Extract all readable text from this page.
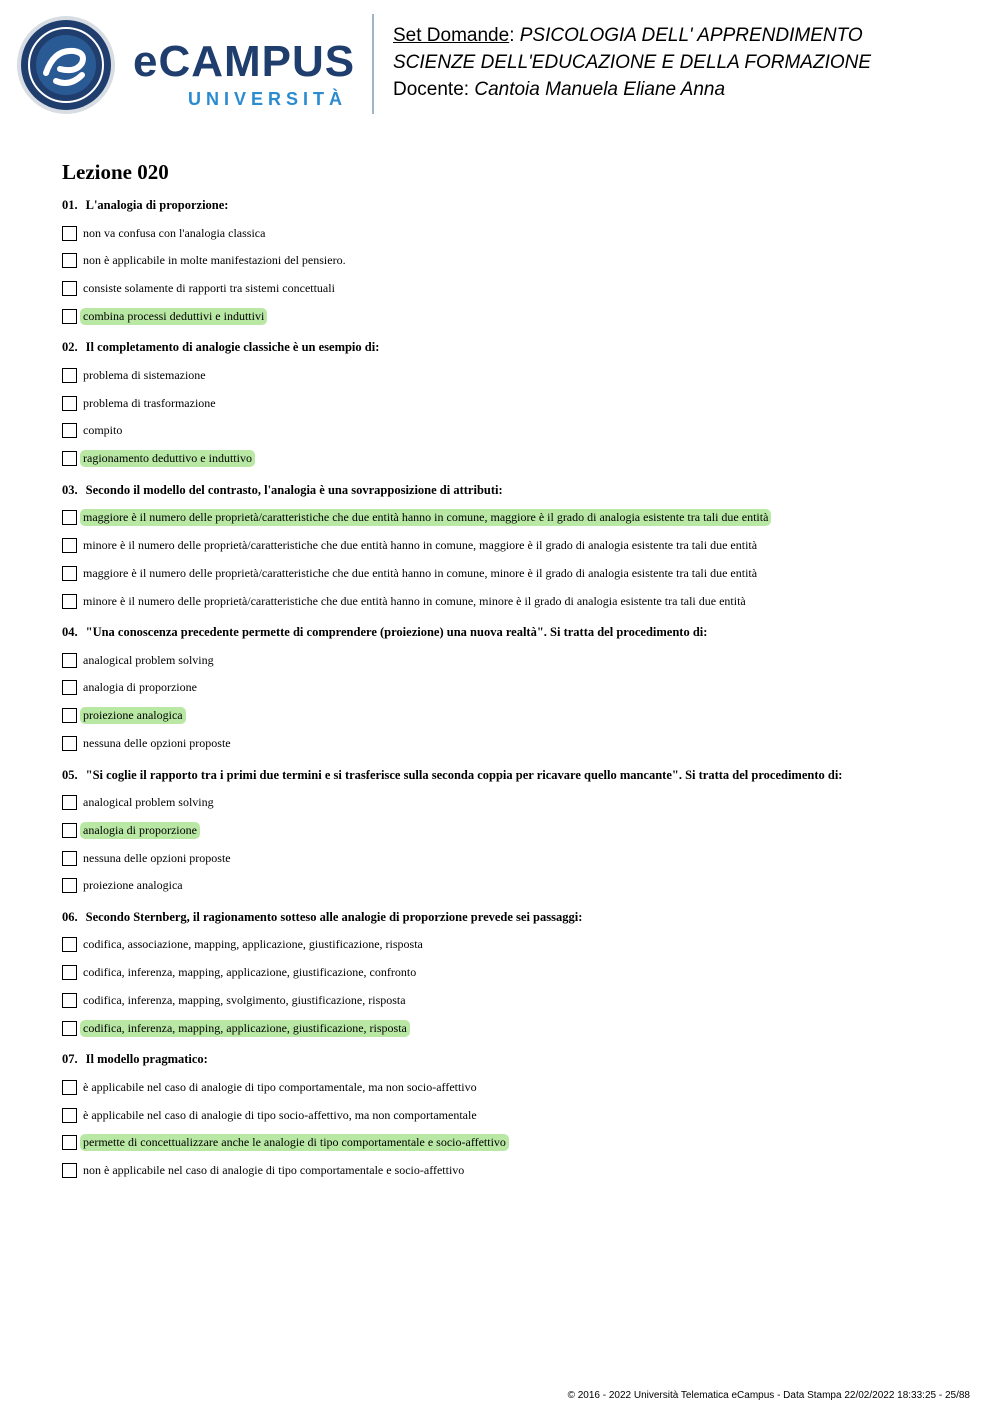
eCAMPUS
UNIVERSITÀ
Set Domande: PSICOLOGIA DELL' APPRENDIMENTO
SCIENZE DELL'EDUCAZIONE E DELLA FORMAZIONE
Docente: Cantoia Manuela Eliane Anna
Lezione 020
01. L'analogia di proporzione:
non va confusa con l'analogia classica
non è applicabile in molte manifestazioni del pensiero.
consiste solamente di rapporti tra sistemi concettuali
combina processi deduttivi e induttivi
02. Il completamento di analogie classiche è un esempio di:
problema di sistemazione
problema di trasformazione
compito
ragionamento deduttivo e induttivo
03. Secondo il modello del contrasto, l'analogia è una sovrapposizione di attributi:
maggiore è il numero delle proprietà/caratteristiche che due entità hanno in comune, maggiore è il grado di analogia esistente tra tali due entità
minore è il numero delle proprietà/caratteristiche che due entità hanno in comune, maggiore è il grado di analogia esistente tra tali due entità
maggiore è il numero delle proprietà/caratteristiche che due entità hanno in comune, minore è il grado di analogia esistente tra tali due entità
minore è il numero delle proprietà/caratteristiche che due entità hanno in comune, minore è il grado di analogia esistente tra tali due entità
04. "Una conoscenza precedente permette di comprendere (proiezione) una nuova realtà". Si tratta del procedimento di:
analogical problem solving
analogia di proporzione
proiezione analogica
nessuna delle opzioni proposte
05. "Si coglie il rapporto tra i primi due termini e si trasferisce sulla seconda coppia per ricavare quello mancante". Si tratta del procedimento di:
analogical problem solving
analogia di proporzione
nessuna delle opzioni proposte
proiezione analogica
06. Secondo Sternberg, il ragionamento sotteso alle analogie di proporzione prevede sei passaggi:
codifica, associazione, mapping, applicazione, giustificazione, risposta
codifica, inferenza, mapping, applicazione, giustificazione, confronto
codifica, inferenza, mapping, svolgimento, giustificazione, risposta
codifica, inferenza, mapping, applicazione, giustificazione, risposta
07. Il modello pragmatico:
è applicabile nel caso di analogie di tipo comportamentale, ma non socio-affettivo
è applicabile nel caso di analogie di tipo socio-affettivo, ma non comportamentale
permette di concettualizzare anche le analogie di tipo comportamentale e socio-affettivo
non è applicabile nel caso di analogie di tipo comportamentale e socio-affettivo
© 2016 - 2022 Università Telematica eCampus - Data Stampa 22/02/2022 18:33:25 - 25/88
